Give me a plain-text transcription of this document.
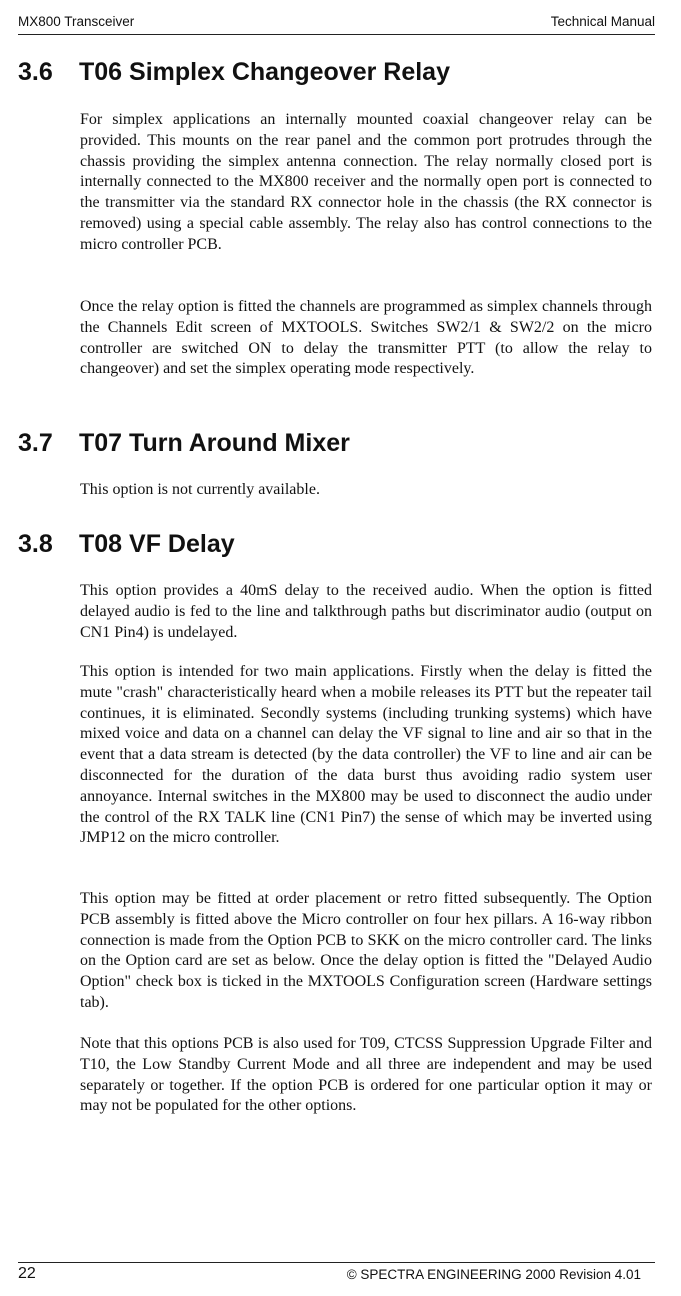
MX800 Transceiver	Technical Manual
3.6 T06 Simplex Changeover Relay

For simplex applications an internally mounted coaxial changeover relay can be provided. This mounts on the rear panel and the common port protrudes through the chassis providing the simplex antenna connection. The relay normally closed port is internally connected to the MX800 receiver and the normally open port is connected to the transmitter via the standard RX connector hole in the chassis (the RX connector is removed) using a special cable assembly. The relay also has control connections to the micro controller PCB.

Once the relay option is fitted the channels are programmed as simplex channels through the Channels Edit screen of MXTOOLS. Switches SW2/1 & SW2/2 on the micro controller are switched ON to delay the transmitter PTT (to allow the relay to changeover) and set the simplex operating mode respectively.

3.7 T07 Turn Around Mixer

This option is not currently available.

3.8 T08 VF Delay

This option provides a 40mS delay to the received audio. When the option is fitted delayed audio is fed to the line and talkthrough paths but discriminator audio (output on CN1 Pin4) is undelayed.

This option is intended for two main applications. Firstly when the delay is fitted the mute "crash" characteristically heard when a mobile releases its PTT but the repeater tail continues, it is eliminated. Secondly systems (including trunking systems) which have mixed voice and data on a channel can delay the VF signal to line and air so that in the event that a data stream is detected (by the data controller) the VF to line and air can be disconnected for the duration of the data burst thus avoiding radio system user annoyance. Internal switches in the MX800 may be used to disconnect the audio under the control of the RX TALK line (CN1 Pin7) the sense of which may be inverted using JMP12 on the micro controller.

This option may be fitted at order placement or retro fitted subsequently. The Option PCB assembly is fitted above the Micro controller on four hex pillars. A 16-way ribbon connection is made from the Option PCB to SKK on the micro controller card. The links on the Option card are set as below. Once the delay option is fitted the "Delayed Audio Option" check box is ticked in the MXTOOLS Configuration screen (Hardware settings tab).

Note that this options PCB is also used for T09, CTCSS Suppression Upgrade Filter and T10, the Low Standby Current Mode and all three are independent and may be used separately or together. If the option PCB is ordered for one particular option it may or may not be populated for the other options.

22	© SPECTRA ENGINEERING 2000 Revision 4.01
